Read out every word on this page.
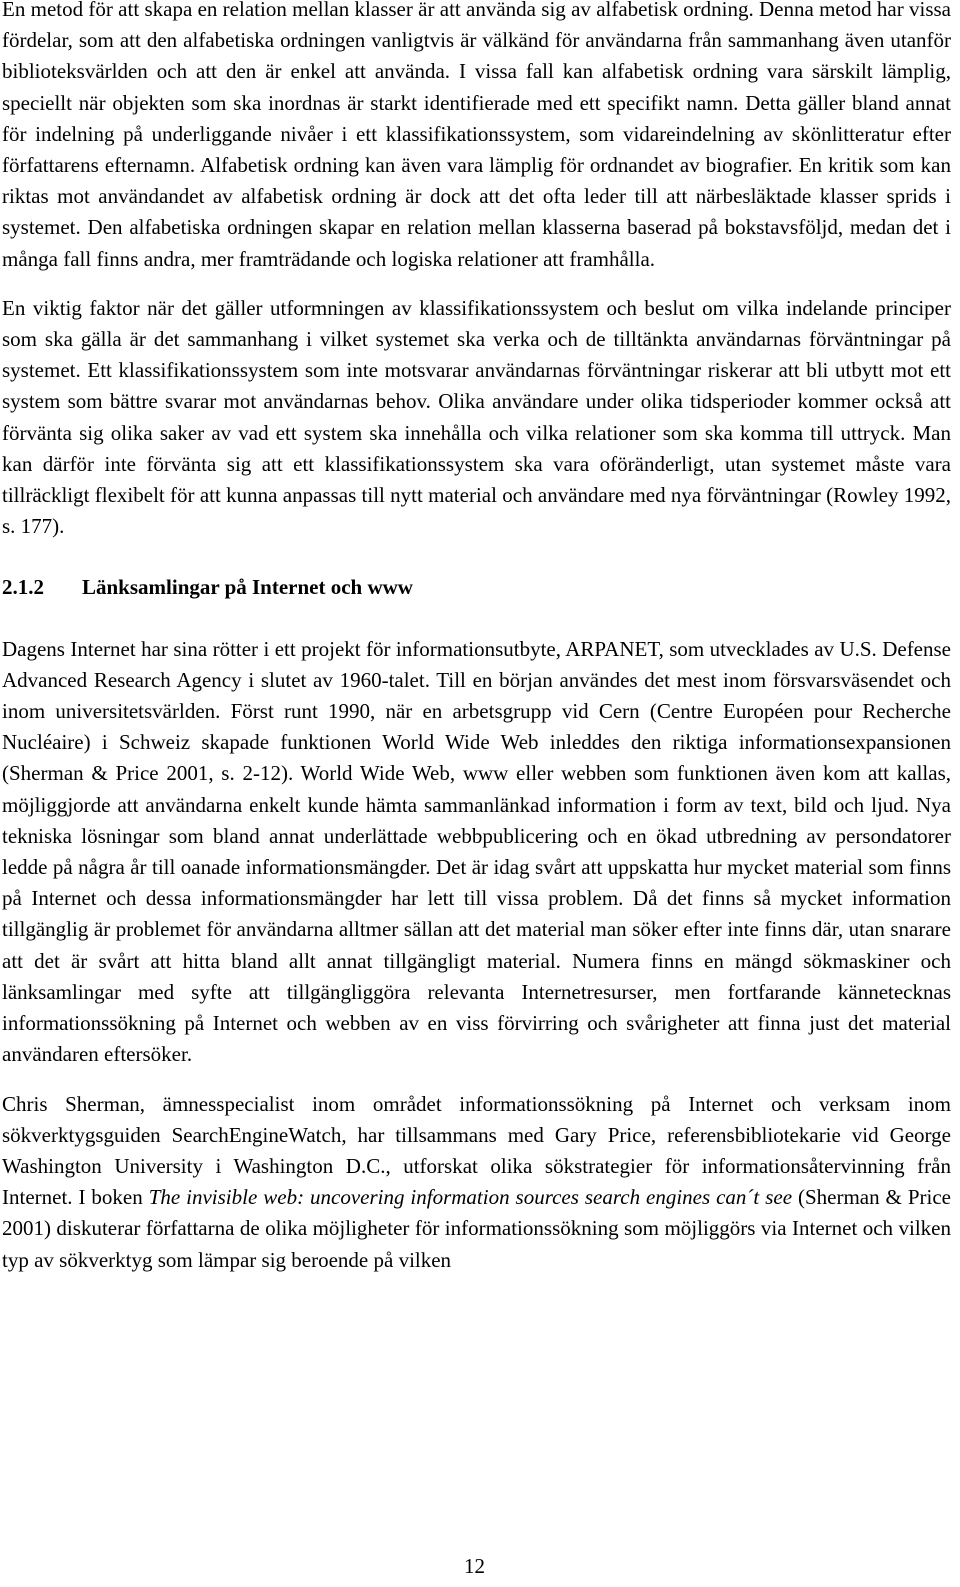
En metod för att skapa en relation mellan klasser är att använda sig av alfabetisk ordning. Denna metod har vissa fördelar, som att den alfabetiska ordningen vanligtvis är välkänd för användarna från sammanhang även utanför biblioteksvärlden och att den är enkel att använda. I vissa fall kan alfabetisk ordning vara särskilt lämplig, speciellt när objekten som ska inordnas är starkt identifierade med ett specifikt namn. Detta gäller bland annat för indelning på underliggande nivåer i ett klassifikationssystem, som vidareindelning av skönlitteratur efter författarens efternamn. Alfabetisk ordning kan även vara lämplig för ordnandet av biografier. En kritik som kan riktas mot användandet av alfabetisk ordning är dock att det ofta leder till att närbesläktade klasser sprids i systemet. Den alfabetiska ordningen skapar en relation mellan klasserna baserad på bokstavsföljd, medan det i många fall finns andra, mer framträdande och logiska relationer att framhålla.

En viktig faktor när det gäller utformningen av klassifikationssystem och beslut om vilka indelande principer som ska gälla är det sammanhang i vilket systemet ska verka och de tilltänkta användarnas förväntningar på systemet. Ett klassifikationssystem som inte motsvarar användarnas förväntningar riskerar att bli utbytt mot ett system som bättre svarar mot användarnas behov. Olika användare under olika tidsperioder kommer också att förvänta sig olika saker av vad ett system ska innehålla och vilka relationer som ska komma till uttryck. Man kan därför inte förvänta sig att ett klassifikationssystem ska vara oföränderligt, utan systemet måste vara tillräckligt flexibelt för att kunna anpassas till nytt material och användare med nya förväntningar (Rowley 1992, s. 177).

2.1.2 Länksamlingar på Internet och www

Dagens Internet har sina rötter i ett projekt för informationsutbyte, ARPANET, som utvecklades av U.S. Defense Advanced Research Agency i slutet av 1960-talet. Till en början användes det mest inom försvarsväsendet och inom universitetsvärlden. Först runt 1990, när en arbetsgrupp vid Cern (Centre Européen pour Recherche Nucléaire) i Schweiz skapade funktionen World Wide Web inleddes den riktiga informationsexpansionen (Sherman & Price 2001, s. 2-12). World Wide Web, www eller webben som funktionen även kom att kallas, möjliggjorde att användarna enkelt kunde hämta sammanlänkad information i form av text, bild och ljud. Nya tekniska lösningar som bland annat underlättade webbpublicering och en ökad utbredning av persondatorer ledde på några år till oanade informationsmängder. Det är idag svårt att uppskatta hur mycket material som finns på Internet och dessa informationsmängder har lett till vissa problem. Då det finns så mycket information tillgänglig är problemet för användarna alltmer sällan att det material man söker efter inte finns där, utan snarare att det är svårt att hitta bland allt annat tillgängligt material. Numera finns en mängd sökmaskiner och länksamlingar med syfte att tillgängliggöra relevanta Internetresurser, men fortfarande kännetecknas informationssökning på Internet och webben av en viss förvirring och svårigheter att finna just det material användaren eftersöker.

Chris Sherman, ämnesspecialist inom området informationssökning på Internet och verksam inom sökverktygsguiden SearchEngineWatch, har tillsammans med Gary Price, referensbibliotekarie vid George Washington University i Washington D.C., utforskat olika sökstrategier för informationsåtervinning från Internet. I boken The invisible web: uncovering information sources search engines can´t see (Sherman & Price 2001) diskuterar författarna de olika möjligheter för informationssökning som möjliggörs via Internet och vilken typ av sökverktyg som lämpar sig beroende på vilken

12
